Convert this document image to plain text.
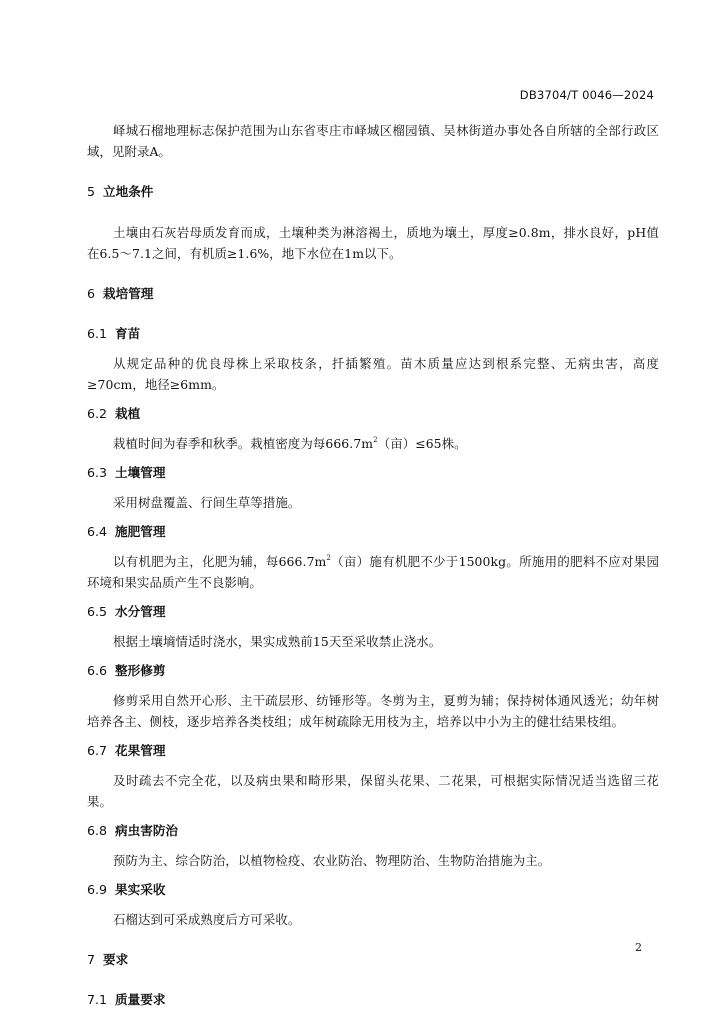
DB3704/T 0046—2024

峄城石榴地理标志保护范围为山东省枣庄市峄城区榴园镇、吴林街道办事处各自所辖的全部行政区域，见附录A。

5 立地条件

土壤由石灰岩母质发育而成，土壤种类为淋溶褐土，质地为壤土，厚度≥0.8m，排水良好，pH值在6.5～7.1之间，有机质≥1.6%，地下水位在1m以下。

6 栽培管理
6.1 育苗

从规定品种的优良母株上采取枝条，扦插繁殖。苗木质量应达到根系完整、无病虫害，高度≥70cm，地径≥6mm。

6.2 栽植

栽植时间为春季和秋季。栽植密度为每$666.7m^2$（亩）≤65株。

6.3 土壤管理

采用树盘覆盖、行间生草等措施。

6.4 施肥管理

以有机肥为主，化肥为辅，每$666.7m^2$（亩）施有机肥不少于1500kg。所施用的肥料不应对果园环境和果实品质产生不良影响。

6.5 水分管理

根据土壤墒情适时浇水，果实成熟前15天至采收禁止浇水。

6.6 整形修剪

修剪采用自然开心形、主干疏层形、纺锤形等。冬剪为主，夏剪为辅；保持树体通风透光；幼年树培养各主、侧枝，逐步培养各类枝组；成年树疏除无用枝为主，培养以中小为主的健壮结果枝组。

6.7 花果管理

及时疏去不完全花，以及病虫果和畸形果，保留头花果、二花果，可根据实际情况适当选留三花果。

6.8 病虫害防治

预防为主、综合防治，以植物检疫、农业防治、物理防治、生物防治措施为主。

6.9 果实采收

石榴达到可采成熟度后方可采收。

7 要求
7.1 质量要求
2
